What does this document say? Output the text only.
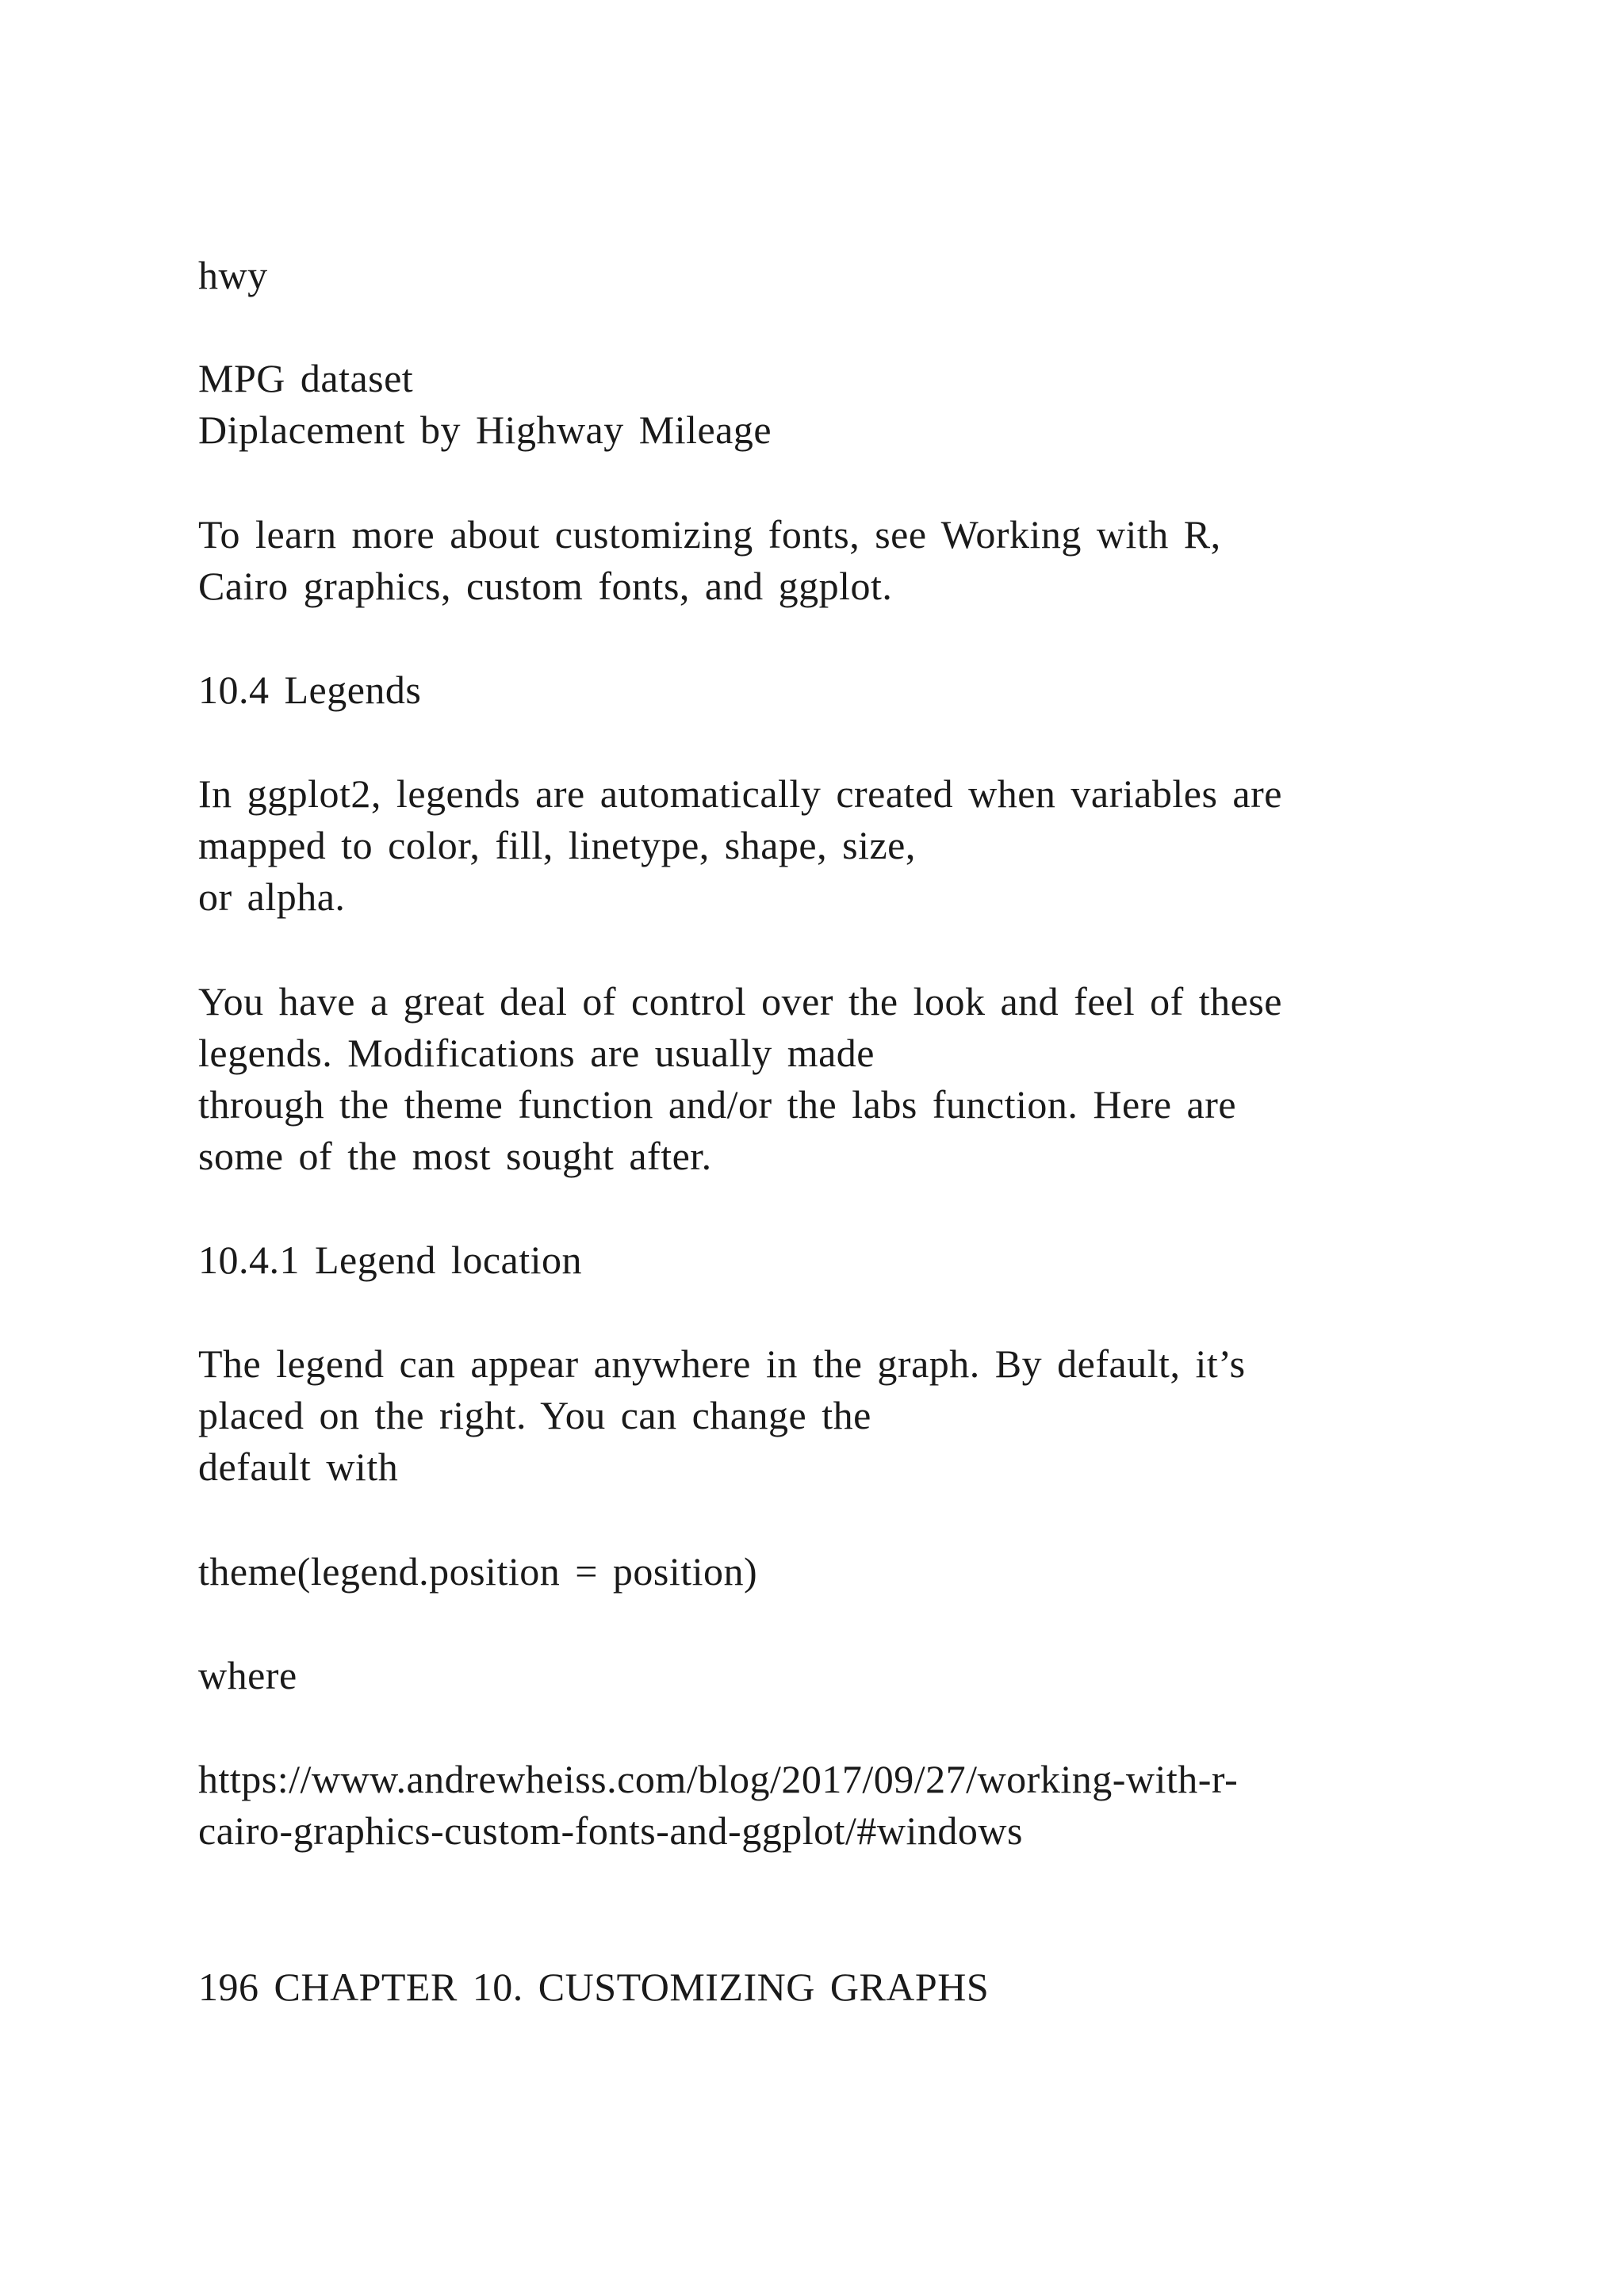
hwy
MPG dataset
Diplacement by Highway Mileage
To learn more about customizing fonts, see Working with R,
Cairo graphics, custom fonts, and ggplot.
10.4 Legends
In ggplot2, legends are automatically created when variables are
mapped to color, fill, linetype, shape, size,
or alpha.
You have a great deal of control over the look and feel of these
legends. Modifications are usually made
through the theme function and/or the labs function. Here are
some of the most sought after.
10.4.1 Legend location
The legend can appear anywhere in the graph. By default, it’s
placed on the right. You can change the
default with
theme(legend.position = position)
where
https://www.andrewheiss.com/blog/2017/09/27/working-with-r-
cairo-graphics-custom-fonts-and-ggplot/#windows
196 CHAPTER 10. CUSTOMIZING GRAPHS
